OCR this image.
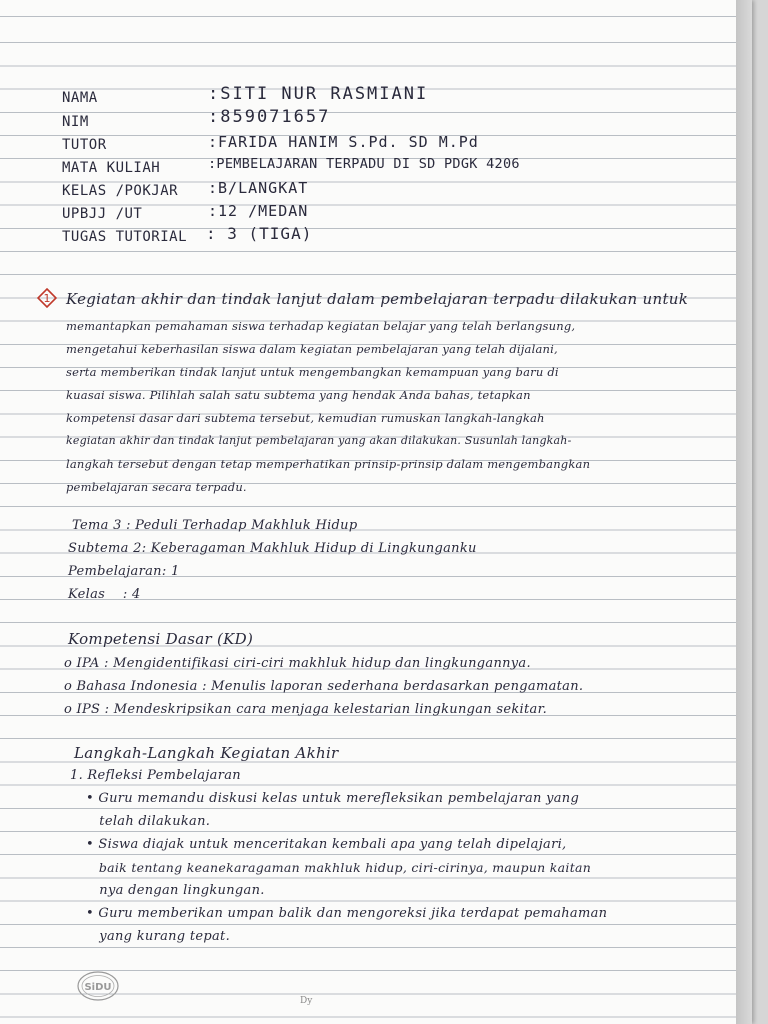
NAMA	:SITI NUR RASMIANI
NIM	:859071657
TUTOR	:FARIDA HANIM S.Pd. SD M.Pd
MATA KULIAH	:PEMBELAJARAN TERPADU DI SD PDGK 4206
KELAS /POKJAR :B/LANGKAT
UPBJJ /UT	:12 /MEDAN
TUGAS TUTORIAL : 3 (TIGA)
1 Kegiatan akhir dan tindak lanjut dalam pembelajaran terpadu dilakukan untuk
memantapkan pemahaman siswa terhadap kegiatan belajar yang telah berlangsung,
mengetahui keberhasilan siswa dalam kegiatan pembelajaran yang telah dijalani,
serta memberikan tindak lanjut untuk mengembangkan kemampuan yang baru di
kuasai siswa. Pilihlah salah satu subtema yang hendak Anda bahas, tetapkan
kompetensi dasar dari subtema tersebut, kemudian rumuskan langkah-langkah
kegiatan akhir dan tindak lanjut pembelajaran yang akan dilakukan. Susunlah langkah-
langkah tersebut dengan tetap memperhatikan prinsip-prinsip dalam mengembangkan
pembelajaran secara terpadu.
Tema 3 : Peduli Terhadap Makhluk Hidup
Subtema 2: Keberagaman Makhluk Hidup di Lingkunganku
Pembelajaran: 1
Kelas    : 4
Kompetensi Dasar (KD)
o IPA : Mengidentifikasi ciri-ciri makhluk hidup dan lingkungannya.
o Bahasa Indonesia : Menulis laporan sederhana berdasarkan pengamatan.
o IPS : Mendeskripsikan cara menjaga kelestarian lingkungan sekitar.
Langkah-Langkah Kegiatan Akhir
1. Refleksi Pembelajaran
• Guru memandu diskusi kelas untuk merefleksikan pembelajaran yang
telah dilakukan.
• Siswa diajak untuk menceritakan kembali apa yang telah dipelajari,
baik tentang keanekaragaman makhluk hidup, ciri-cirinya, maupun kaitan
nya dengan lingkungan.
• Guru memberikan umpan balik dan mengoreksi jika terdapat pemahaman
yang kurang tepat.
SiDU
Dy
